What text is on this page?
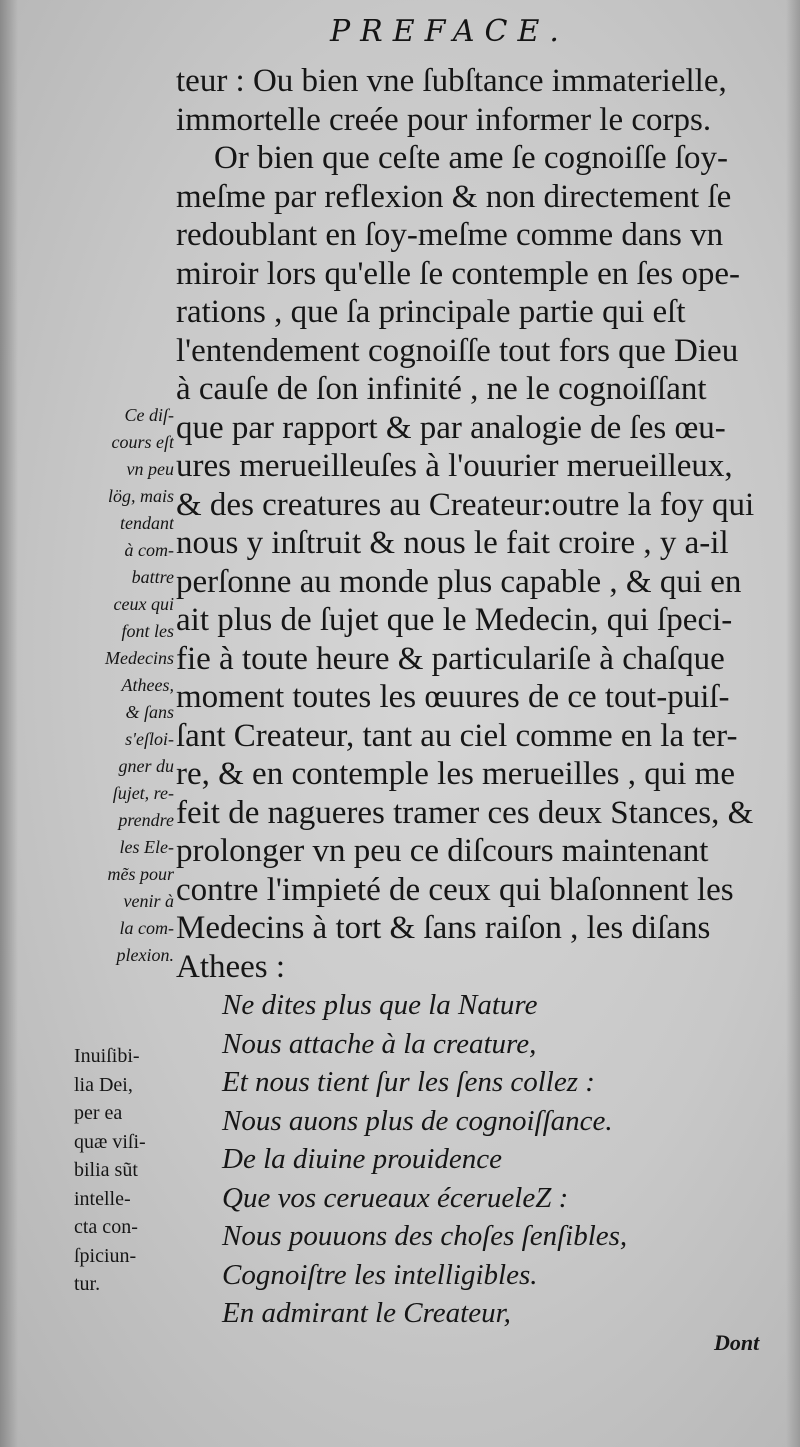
PREFACE.
teur : Ou bien vne ſubſtance immaterielle,
immortelle creée pour informer le corps.
Or bien que ceſte ame ſe cognoiſſe ſoy-
meſme par reflexion & non directement ſe
redoublant en ſoy-meſme comme dans vn
miroir lors qu'elle ſe contemple en ſes ope-
rations , que ſa principale partie qui eſt
l'entendement cognoiſſe tout fors que Dieu
à cauſe de ſon infinité , ne le cognoiſſant
que par rapport & par analogie de ſes œu-
ures merueilleuſes à l'ouurier merueilleux,
& des creatures au Createur:outre la foy qui
nous y inſtruit & nous le fait croire , y a-il
perſonne au monde plus capable , & qui en
ait plus de ſujet que le Medecin, qui ſpeci-
fie à toute heure & particulariſe à chaſque
moment toutes les œuures de ce tout-puiſ-
ſant Createur, tant au ciel comme en la ter-
re, & en contemple les merueilles , qui me
feit de nagueres tramer ces deux Stances, &
prolonger vn peu ce diſcours maintenant
contre l'impieté de ceux qui blaſonnent les
Medecins à tort & ſans raiſon , les diſans
Athees :
Ne dites plus que la Nature
Nous attache à la creature,
Et nous tient ſur les ſens collez :
Nous auons plus de cognoiſſance.
De la diuine prouidence
Que vos cerueaux écerueleZ :
Nous pouuons des choſes ſenſibles,
Cognoiſtre les intelligibles.
En admirant le Createur,
Ce diſ-
cours eſt
vn peu
lög, mais
tendant
à com-
battre
ceux qui
font les
Medecins
Athees,
& ſans
s'eſloi-
gner du
ſujet, re-
prendre
les Ele-
mẽs pour
venir à
la com-
plexion.
Inuiſibi-
lia Dei,
per ea
quæ viſi-
bilia sũt
intelle-
cta con-
ſpiciun-
tur.
Dont
